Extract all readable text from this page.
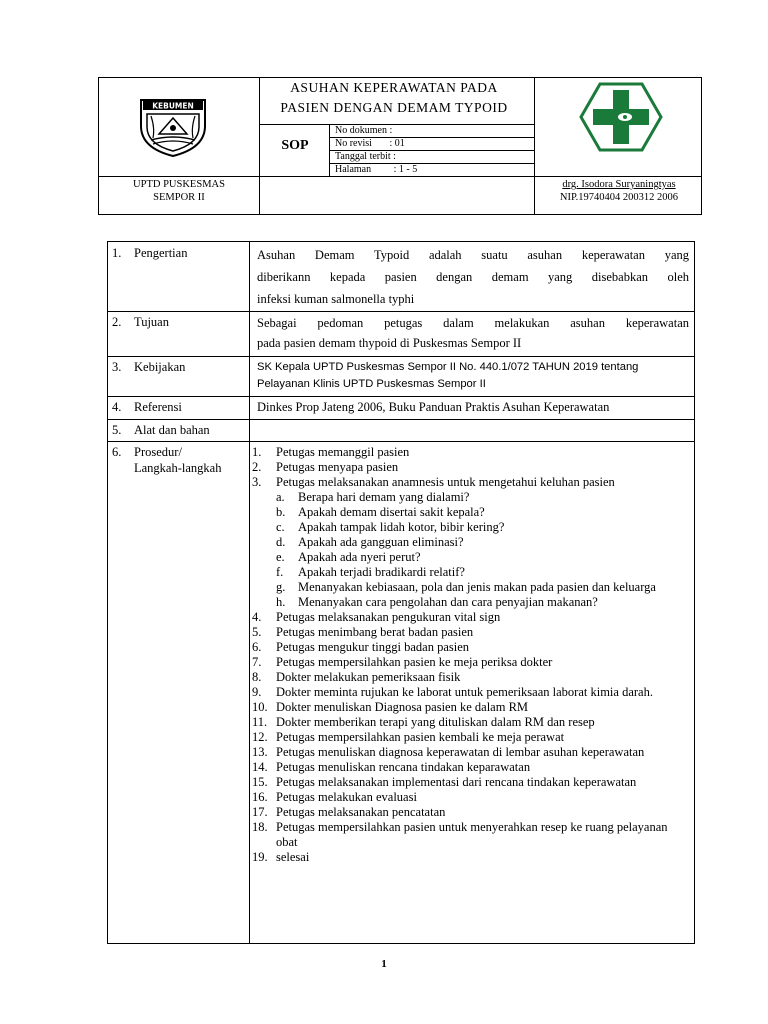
KEBUMEN
ASUHAN KEPERAWATAN PADA
PASIEN DENGAN DEMAM TYPOID
SOP
No dokumen :
No revisi       : 01
Tanggal terbit :
Halaman         : 1 - 5
UPTD PUSKESMAS
SEMPOR II
drg. Isodora Suryaningtyas
NIP.19740404 200312 2006
1. Pengertian	Asuhan Demam Typoid adalah suatu asuhan keperawatan yang
diberikann kepada pasien dengan demam yang disebabkan oleh
infeksi kuman salmonella typhi
2. Tujuan	Sebagai pedoman petugas dalam melakukan asuhan keperawatan
pada pasien demam thypoid di Puskesmas Sempor II
3. Kebijakan	SK Kepala UPTD Puskesmas Sempor II No. 440.1/072 TAHUN 2019 tentang
Pelayanan Klinis UPTD Puskesmas Sempor II
4. Referensi	Dinkes Prop Jateng 2006, Buku Panduan Praktis Asuhan Keperawatan
5. Alat dan bahan
6. Prosedur/
Langkah-langkah
1. Petugas memanggil pasien
2. Petugas menyapa pasien
3. Petugas melaksanakan anamnesis untuk mengetahui keluhan pasien
a. Berapa hari demam yang dialami?
b. Apakah demam disertai sakit kepala?
c. Apakah tampak lidah kotor, bibir kering?
d. Apakah ada gangguan eliminasi?
e. Apakah ada nyeri perut?
f. Apakah terjadi bradikardi relatif?
g. Menanyakan kebiasaan, pola dan jenis makan pada pasien dan keluarga
h. Menanyakan cara pengolahan dan cara penyajian makanan?
4. Petugas melaksanakan pengukuran vital sign
5. Petugas menimbang berat badan pasien
6. Petugas mengukur tinggi badan pasien
7. Petugas mempersilahkan pasien ke meja periksa dokter
8. Dokter melakukan pemeriksaan fisik
9. Dokter meminta rujukan ke laborat untuk pemeriksaan laborat kimia darah.
10. Dokter menuliskan Diagnosa pasien ke dalam RM
11. Dokter memberikan terapi yang dituliskan dalam RM dan resep
12. Petugas mempersilahkan pasien kembali ke meja perawat
13. Petugas menuliskan diagnosa keperawatan di lembar asuhan keperawatan
14. Petugas menuliskan rencana tindakan keparawatan
15. Petugas melaksanakan implementasi dari rencana tindakan keperawatan
16. Petugas melakukan evaluasi
17. Petugas melaksanakan pencatatan
18. Petugas mempersilahkan pasien untuk menyerahkan resep ke ruang pelayanan obat
19. selesai
1
